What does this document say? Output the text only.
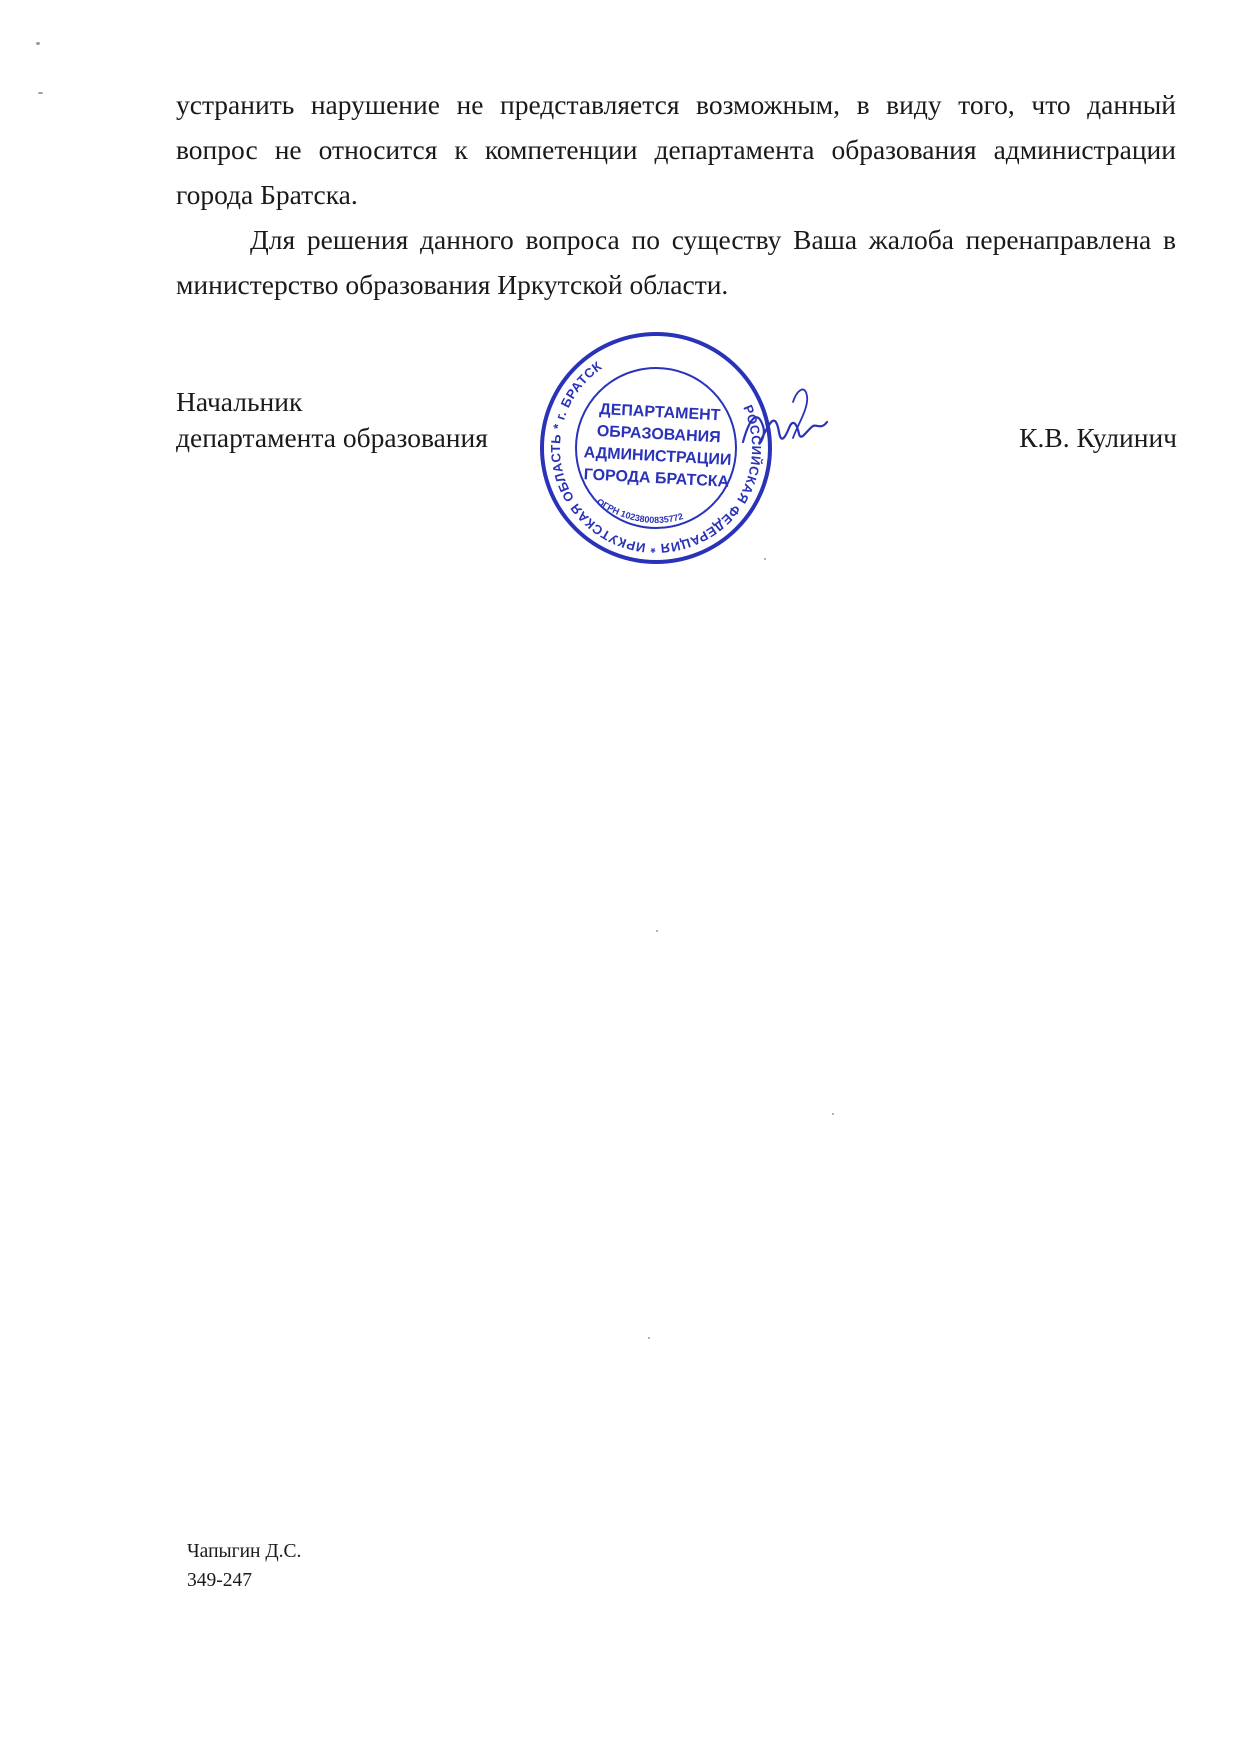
устранить нарушение не представляется возможным, в виду того, что данный вопрос не относится к компетенции департамента образования администрации города Братска.

Для решения данного вопроса по существу Ваша жалоба перенаправлена в министерство образования Иркутской области.

Начальник
департамента образования	К.В. Кулинич
РОССИЙСКАЯ ФЕДЕРАЦИЯ * ИРКУТСКАЯ ОБЛАСТЬ * г. БРАТСК
ОГРН 1023800835772
ДЕПАРТАМЕНТ
ОБРАЗОВАНИЯ
АДМИНИСТРАЦИИ
ГОРОДА БРАТСКА
Чапыгин Д.С.
349-247
